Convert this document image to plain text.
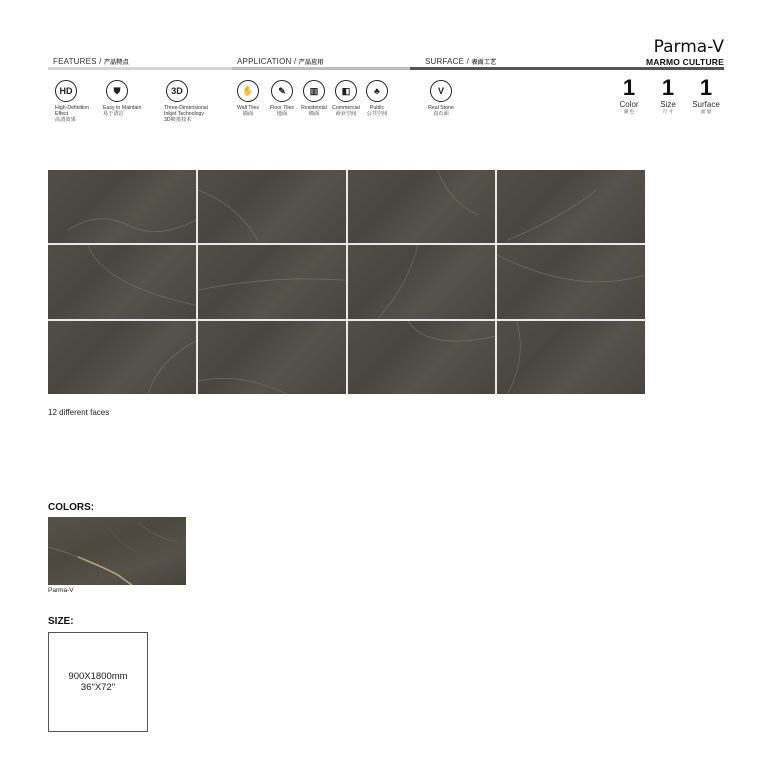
FEATURES / 产品特点	APPLICATION / 产品应用	SURFACE / 表面工艺
Parma-V
MARMO CULTURE
HD
High-Definition Effect
高清效果
⛊
Easy to Maintain
易于清洁
3D
Three-Dimensional Inkjet Technology
3D喷墨技术
✋
Wall Tiles
墙面
✎
Floor Tiles
地面
▥
Residential
墙面
◧
Commercial
商业空间
♣
Public
公共空间
V
Real Stone
真石面
1
Color
颜 色
1
Size
尺 寸
1
Surface
面 面
12 different faces
COLORS:
Parma-V
SIZE:
900X1800mm
36"X72"
